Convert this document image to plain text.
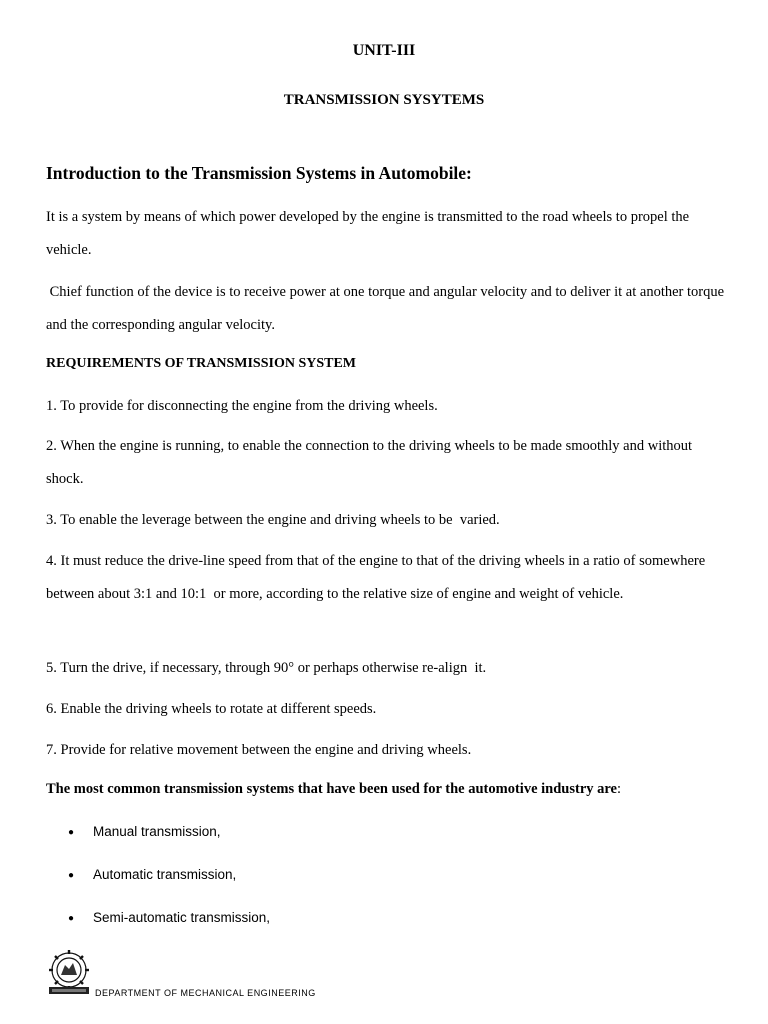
UNIT-III
TRANSMISSION SYSYTEMS
Introduction to the Transmission Systems in Automobile:

It is a system by means of which power developed by the engine is transmitted to the road wheels to propel the vehicle.

Chief function of the device is to receive power at one torque and angular velocity and to deliver it at another torque and the corresponding angular velocity.

REQUIREMENTS OF TRANSMISSION SYSTEM

1. To provide for disconnecting the engine from the driving wheels.

2. When the engine is running, to enable the connection to the driving wheels to be made smoothly and without shock.

3. To enable the leverage between the engine and driving wheels to be  varied.

4. It must reduce the drive-line speed from that of the engine to that of the driving wheels in a ratio of somewhere between about 3:1 and 10:1  or more, according to the relative size of engine and weight of vehicle.

5. Turn the drive, if necessary, through 90° or perhaps otherwise re-align  it.

6. Enable the driving wheels to rotate at different speeds.

7. Provide for relative movement between the engine and driving wheels.

The most common transmission systems that have been used for the automotive industry are:
● Manual transmission,
● Automatic transmission,
● Semi-automatic transmission,
DEPARTMENT OF MECHANICAL ENGINEERING
